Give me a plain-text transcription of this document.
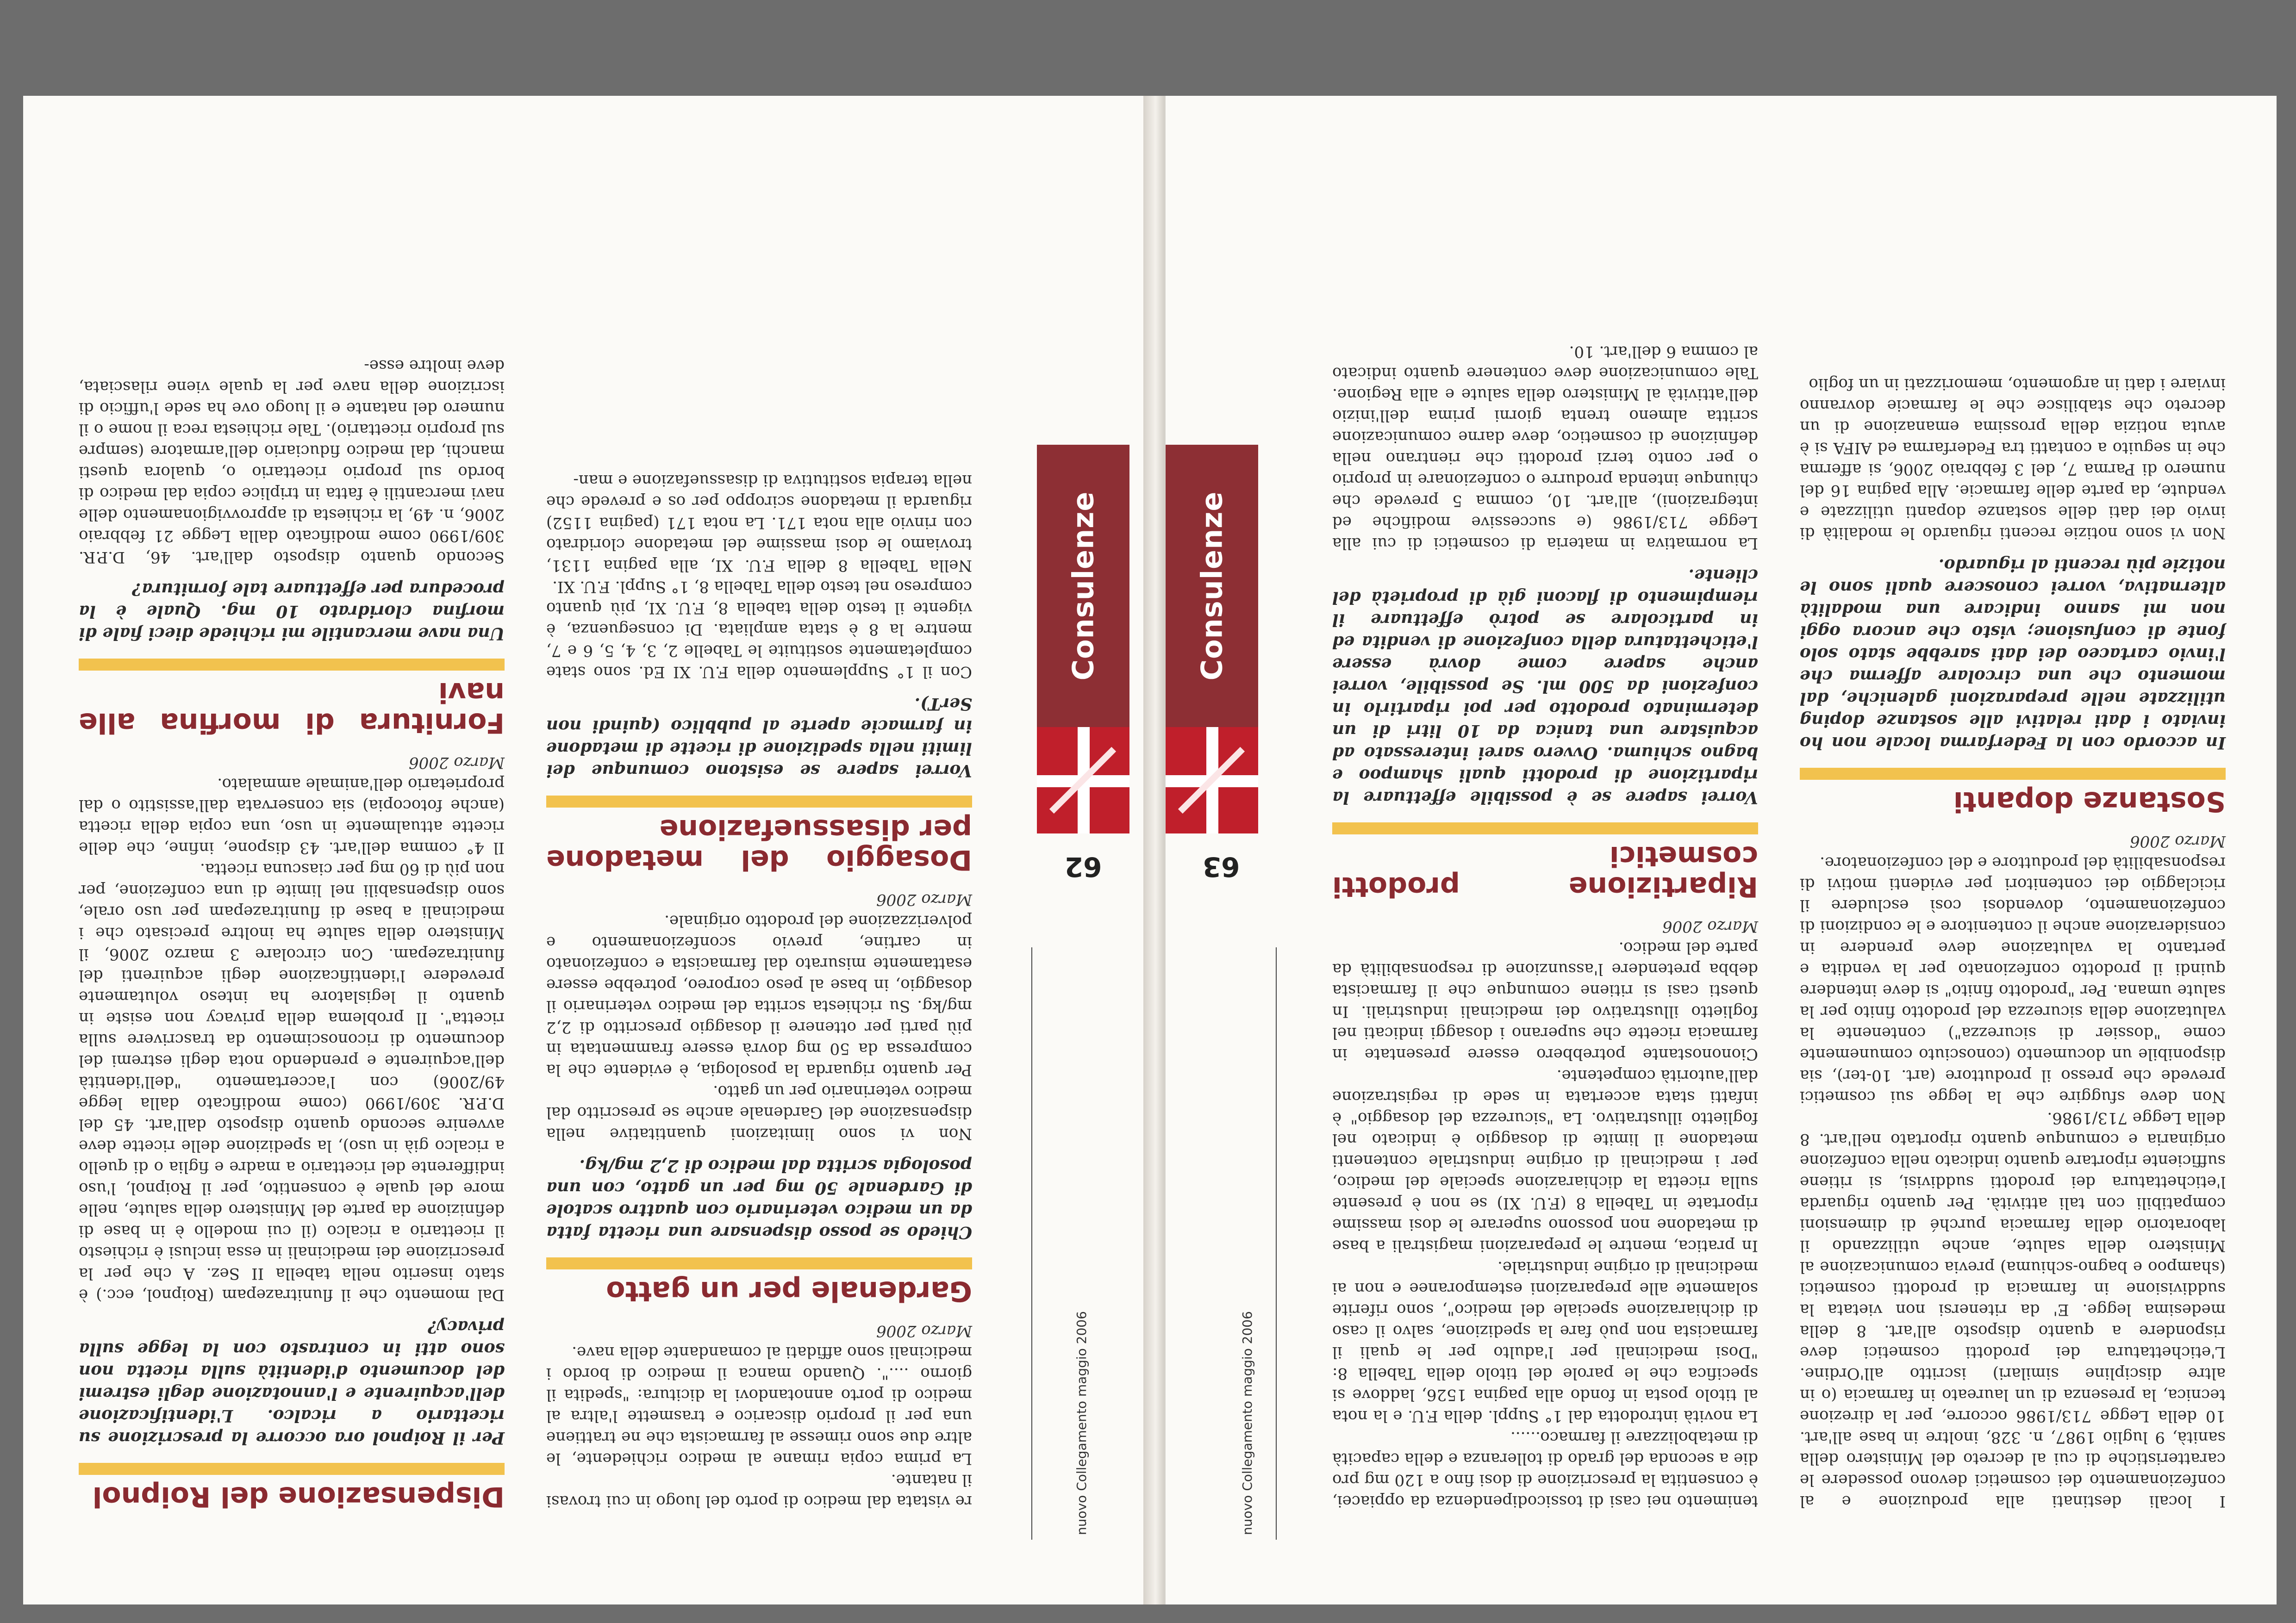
I locali destinati alla produzione e al confezionamento dei cosmetici devono possedere le caratteristiche di cui al decreto del Ministero della sanità, 9 luglio 1987, n. 328, inoltre in base all'art. 10 della Legge 713/1986 occorre, per la direzione tecnica, la presenza di un laureato in farmacia (o in altre discipline similari) iscritto all'Ordine. L'etichettatura dei prodotti cosmetici deve rispondere a quanto disposto all'art. 8 della medesima legge. E' da ritenersi non vietata la suddivisione in farmacia di prodotti cosmetici (shampoo e bagno-schiuma) previa comunicazione al Ministero della salute, anche utilizzando il laboratorio della farmacia purché di dimensioni compatibili con tali attività. Per quanto riguarda l'etichettatura dei prodotti suddivisi, si ritiene sufficiente riportare quanto indicato nella confezione originaria e comunque quanto riportato nell'art. 8 della Legge 713/1986.

Non deve sfuggire che la legge sui cosmetici prevede che presso il produttore (art. 10-ter), sia disponibile un documento (conosciuto comunemente come "dossier di sicurezza") contenente la valutazione della sicurezza del prodotto finito per la salute umana. Per "prodotto finito" si deve intendere quindi il prodotto confezionato per la vendita e pertanto la valutazione deve prendere in considerazione anche il contenitore e le condizioni di confezionamento, dovendosi così escludere il riciclaggio dei contenitori per evidenti motivi di responsabilità del produttore e del confezionatore.

Marzo 2006

Sostanze dopanti

In accordo con la Federfarma locale non ho inviato i dati relativi alle sostanze doping utilizzate nelle preparazioni galeniche, dal momento che una circolare afferma che l'invio cartaceo dei dati sarebbe stato solo fonte di confusione; visto che ancora oggi non mi sanno indicare una modalità alternativa, vorrei conoscere quali sono le notizie più recenti al riguardo.

Non vi sono notizie recenti riguardo le modalità di invio dei dati delle sostanze dopanti utilizzate e vendute, da parte delle farmacie. Alla pagina 16 del numero di Parma 7, del 3 febbraio 2006, si afferma che in seguito a contatti tra Federfarma ed AIFA si è avuta notizia della prossima emanazione di un decreto che stabilisce che le farmacie dovranno inviare i dati in argomento, memorizzati in un foglio

tenimento nei casi di tossicodipendenza da oppiacei, è consentita la prescrizione di dosi fino a 120 mg pro die a seconda del grado di tolleranza e della capacità di metabolizzare il farmaco......

La novità introdotta dal 1° Suppl. della F.U. e la nota al titolo posta in fondo alla pagina 1526, laddove si specifica che le parole del titolo della Tabella 8: "Dosi medicinali per l'adulto per le quali il farmacista non può fare la spedizione, salvo il caso di dichiarazione speciale del medico", sono riferite solamente alle preparazioni estemporanee e non ai medicinali di origine industriale.

In pratica, mentre le preparazioni magistrali a base di metadone non possono superare le dosi massime riportate in Tabella 8 (F.U. XI) se non è presente sulla ricetta la dichiarazione speciale del medico, per i medicinali di origine industriale contenenti metadone il limite di dosaggio è indicato nel foglietto illustrativo. La "sicurezza del dosaggio" è infatti stata accertata in sede di registrazione dall'autorità competente.

Ciononostante potrebbero essere presentate in farmacia ricette che superano i dosaggi indicati nel foglietto illustrativo dei medicinali industriali. In questi casi si ritiene comunque che il farmacista debba pretendere l'assunzione di responsabilità da parte del medico.

Marzo 2006

Ripartizione prodotti cosmetici

Vorrei sapere se è possibile effettuare la ripartizione di prodotti quali shampoo e bagno schiuma. Ovvero sarei interessato ad acquistare una tanica da 10 litri di un determinato prodotto per poi ripartirlo in confezioni da 500 ml. Se possibile, vorrei anche sapere come dovrà essere l'etichettatura della confezione di vendita ed in particolare se potrò effettuare il riempimento di flaconi già di proprietà del cliente.

La normativa in materia di cosmetici di cui alla Legge 713/1986 (e successive modifiche ed integrazioni), all'art. 10, comma 5 prevede che chiunque intenda produrre o confezionare in proprio o per conto terzi prodotti che rientrano nella definizione di cosmetico, deve darne comunicazione scritta almeno trenta giorni prima dell'inizio dell'attività al Ministero della salute e alla Regione. Tale comunicazione deve contenere quanto indicato al comma 6 dell'art. 10.

nuovo Collegamento maggio 2006
63
Consulenze
62
Consulenze
nuovo Collegamento maggio 2006

re vistata dal medico di porto del luogo in cui trovasi il natante.

La prima copia rimane al medico richiedente, le altre due sono rimesse al farmacista che ne trattiene una per il proprio discarico e trasmette l'altra al medico di porto annotandovi la dicitura: "spedita il giorno ....". Quando manca il medico di bordo i medicinali sono affidati al comandante della nave.

Marzo 2006

Gardenale per un gatto

Chiedo se posso dispensare una ricetta fatta da un medico veterinario con quattro scatole di Gardenale 50 mg per un gatto, con una posologia scritta dal medico di 2,2 mg/kg.

Non vi sono limitazioni quantitative nella dispensazione del Gardenale anche se prescritto dal medico veterinario per un gatto.

Per quanto riguarda la posologia, è evidente che la compressa da 50 mg dovrà essere frammentata in più parti per ottenere il dosaggio prescritto di 2,2 mg/kg. Su richiesta scritta del medico veterinario il dosaggio, in base al peso corporeo, potrebbe essere esattamente misurato dal farmacista e confezionato in cartine, previo sconfezionamento e polverizzazione del prodotto originale.

Marzo 2006

Dosaggio del metadone per disassuefazione

Vorrei sapere se esistono comunque dei limiti nella spedizione di ricette di metadone in farmacie aperte al pubblico (quindi non SerT).

Con il 1° Supplemento della F.U. XI Ed. sono state completamente sostituite le Tabelle 2, 3, 4, 5, 6 e 7, mentre la 8 è stata ampliata. Di conseguenza, è vigente il testo della tabella 8, F.U. XI, più quanto compreso nel testo della Tabella 8, 1° Suppl. F.U. XI.

Nella Tabella 8 della F.U. XI, alla pagina 1131, troviamo le dosi massime del metadone cloridrato con rinvio alla nota 171. La nota 171 (pagina 1152) riguarda il metadone sciroppo per os e prevede che nella terapia sostitutiva di disassuefazione e man-

Dispensazione del Roipnol

Per il Roipnol ora occorre la prescrizione su ricettario a ricalco. L'identificazione dell'acquirente e l'annotazione degli estremi del documento d'identità sulla ricetta non sono atti in contrasto con la legge sulla privacy?

Dal momento che il flunitrazepam (Roipnol, ecc.) è stato inserito nella tabella II Sez. A che per la prescrizione dei medicinali in essa inclusi è richiesto il ricettario a ricalco (il cui modello è in base di definizione da parte del Ministero della salute, nelle more del quale è consentito, per il Roipnol, l'uso indifferente del ricettario a madre e figlia o di quello a ricalco già in uso), la spedizione delle ricette deve avvenire secondo quanto disposto dall'art. 45 del D.P.R. 309/1990 (come modificato dalla legge 49/2006) con l'accertamento "dell'identità dell'acquirente e prendendo nota degli estremi del documento di riconoscimento da trascrivere sulla ricetta". Il problema della privacy non esiste in quanto il legislatore ha inteso volutamente prevedere l'identificazione degli acquirenti del flunitrazepam. Con circolare 3 marzo 2006, il Ministero della salute ha inoltre precisato che i medicinali a base di flunitrazepam per uso orale, sono dispensabili nel limite di una confezione, per non più di 60 mg per ciascuna ricetta.

Il 4° comma dell'art. 43 dispone, infine, che delle ricette attualmente in uso, una copia della ricetta (anche fotocopia) sia conservata dall'assistito o dal proprietario dell'animale ammalato.

Marzo 2006

Fornitura di morfina alle navi

Una nave mercantile mi richiede dieci fiale di morfina cloridrato 10 mg. Quale è la procedura per effettuare tale fornitura?

Secondo quanto disposto dall'art. 46, D.P.R. 309/1990 come modificato dalla Legge 21 febbraio 2006, n. 49, la richiesta di approvvigionamento delle navi mercantili è fatta in triplice copia dal medico di bordo sul proprio ricettario o, qualora questi manchi, dal medico fiduciario dell'armatore (sempre sul proprio ricettario). Tale richiesta reca il nome o il numero del natante e il luogo ove ha sede l'ufficio di iscrizione della nave per la quale viene rilasciata, deve inoltre esse-
